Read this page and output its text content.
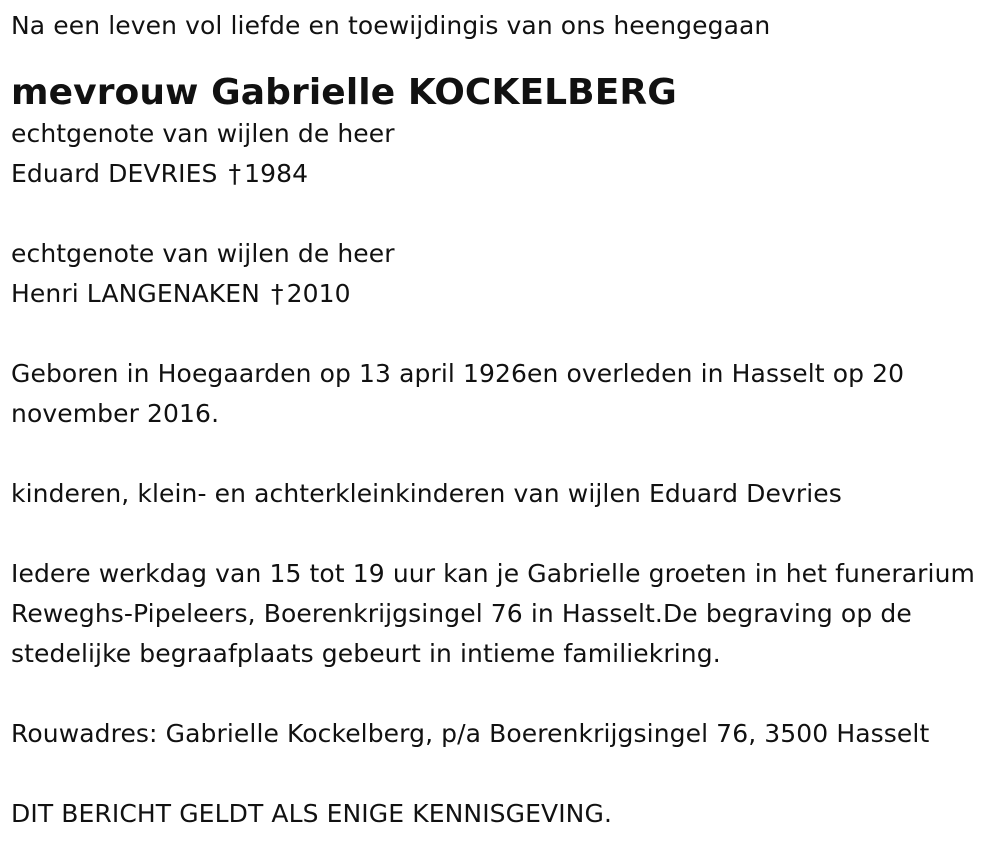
Na een leven vol liefde en toewijdingis van ons heengegaan
mevrouw Gabrielle KOCKELBERG
echtgenote van wijlen de heer
Eduard DEVRIES † 1984
echtgenote van wijlen de heer
Henri LANGENAKEN † 2010
Geboren in Hoegaarden op 13 april 1926en overleden in Hasselt op 20 november 2016.
kinderen, klein- en achterkleinkinderen van wijlen Eduard Devries
Iedere werkdag van 15 tot 19 uur kan je Gabrielle groeten in het funerarium Reweghs-Pipeleers, Boerenkrijgsingel 76 in Hasselt.De begraving op de stedelijke begraafplaats gebeurt in intieme familiekring.
Rouwadres: Gabrielle Kockelberg, p/a Boerenkrijgsingel 76, 3500 Hasselt
DIT BERICHT GELDT ALS ENIGE KENNISGEVING.
